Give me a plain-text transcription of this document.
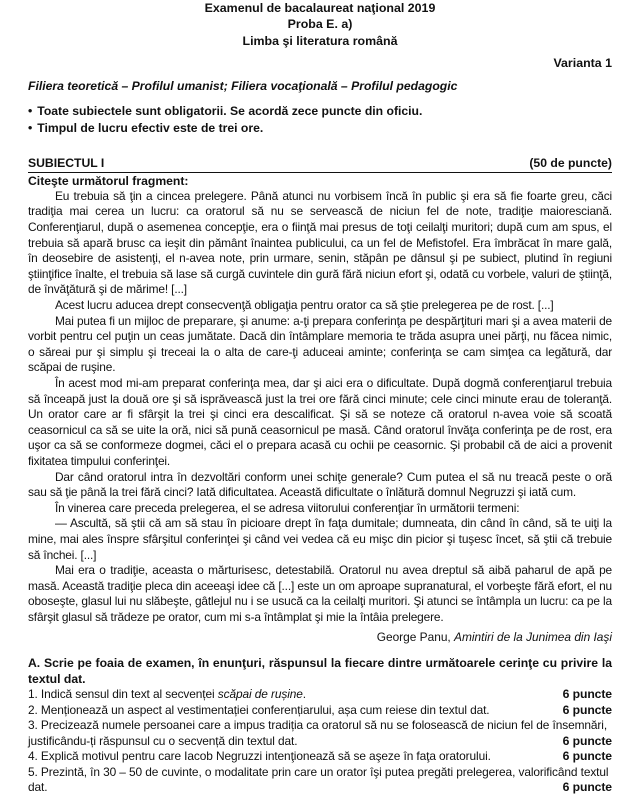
Examenul de bacalaureat naţional 2019
Proba E. a)
Limba şi literatura română
Varianta 1
Filiera teoretică – Profilul umanist; Filiera vocaţională – Profilul pedagogic
• Toate subiectele sunt obligatorii. Se acordă zece puncte din oficiu.
• Timpul de lucru efectiv este de trei ore.
SUBIECTUL I	(50 de puncte)
Citeşte următorul fragment:

Eu trebuia să ţin a cincea prelegere. Până atunci nu vorbisem încă în public şi era să fie foarte greu, căci tradiţia mai cerea un lucru: ca oratorul să nu se servească de niciun fel de note, tradiţie maioresciană. Conferenţiarul, după o asemenea concepţie, era o fiinţă mai presus de toţi ceilalţi muritori; după cum am spus, el trebuia să apară brusc ca ieşit din pământ înaintea publicului, ca un fel de Mefistofel. Era îmbrăcat în mare gală, în deosebire de asistenţi, el n-avea note, prin urmare, senin, stăpân pe dânsul şi pe subiect, plutind în regiuni ştiinţifice înalte, el trebuia să lase să curgă cuvintele din gură fără niciun efort şi, odată cu vorbele, valuri de ştiinţă, de învăţătură şi de mărime! [...]

Acest lucru aducea drept consecvenţă obligaţia pentru orator ca să ştie prelegerea pe de rost. [...]

Mai putea fi un mijloc de preparare, şi anume: a-ţi prepara conferinţa pe despărţituri mari şi a avea materii de vorbit pentru cel puţin un ceas jumătate. Dacă din întâmplare memoria te trăda asupra unei părţi, nu făcea nimic, o săreai pur şi simplu şi treceai la o alta de care-ţi aduceai aminte; conferinţa se cam simţea ca legătură, dar scăpai de ruşine.

În acest mod mi-am preparat conferinţa mea, dar şi aici era o dificultate. După dogmă conferenţiarul trebuia să înceapă just la două ore şi să isprăvească just la trei ore fără cinci minute; cele cinci minute erau de toleranţă. Un orator care ar fi sfârşit la trei şi cinci era descalificat. Şi să se noteze că oratorul n-avea voie să scoată ceasornicul ca să se uite la oră, nici să pună ceasornicul pe masă. Când oratorul învăţa conferinţa pe de rost, era uşor ca să se conformeze dogmei, căci el o prepara acasă cu ochii pe ceasornic. Şi probabil că de aici a provenit fixitatea timpului conferinţei.

Dar când oratorul intra în dezvoltări conform unei schiţe generale? Cum putea el să nu treacă peste o oră sau să ţie până la trei fără cinci? Iată dificultatea. Această dificultate o înlătură domnul Negruzzi şi iată cum.

În vinerea care preceda prelegerea, el se adresa viitorului conferenţiar în următorii termeni:

— Ascultă, să ştii că am să stau în picioare drept în faţa dumitale; dumneata, din când în când, să te uiţi la mine, mai ales înspre sfârşitul conferinţei şi când vei vedea că eu mişc din picior şi tuşesc încet, să ştii că trebuie să închei. [...]

Mai era o tradiţie, aceasta o mărturisesc, detestabilă. Oratorul nu avea dreptul să aibă paharul de apă pe masă. Această tradiţie pleca din aceeaşi idee că [...] este un om aproape supranatural, el vorbeşte fără efort, el nu oboseşte, glasul lui nu slăbeşte, gâtlejul nu i se usucă ca la ceilalţi muritori. Şi atunci se întâmpla un lucru: ca pe la sfârşit glasul să trădeze pe orator, cum mi s-a întâmplat şi mie la întâia prelegere.

George Panu, Amintiri de la Junimea din Iaşi
A. Scrie pe foaia de examen, în enunţuri, răspunsul la fiecare dintre următoarele cerinţe cu privire la textul dat.
1. Indică sensul din text al secvenței scăpai de rușine.	6 puncte
2. Menționează un aspect al vestimentației conferențiarului, așa cum reiese din textul dat.	6 puncte
3. Precizează numele persoanei care a impus tradiția ca oratorul să nu se folosească de niciun fel de însemnări, justificându-ți răspunsul cu o secvență din textul dat.	6 puncte
4. Explică motivul pentru care Iacob Negruzzi intenţionează să se aşeze în faţa oratorului.	6 puncte
5. Prezintă, în 30 – 50 de cuvinte, o modalitate prin care un orator îşi putea pregăti prelegerea, valorificând textul dat.	6 puncte
